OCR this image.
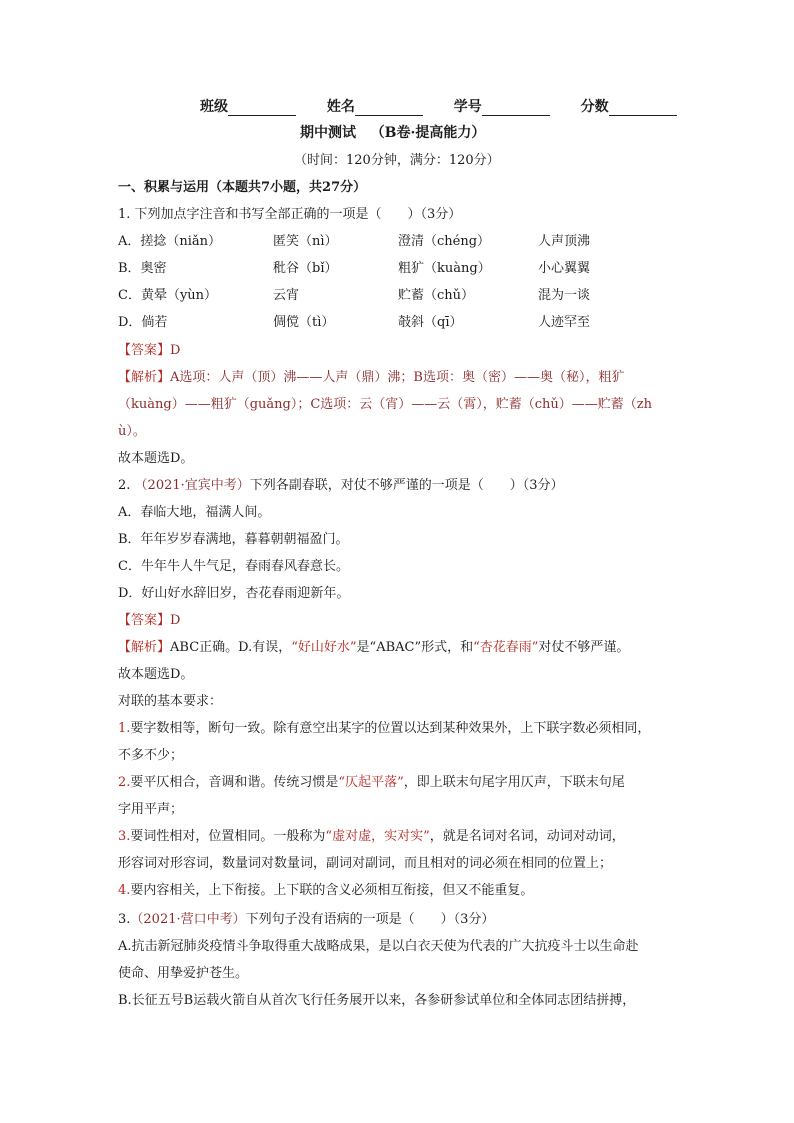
班级	姓名	学号	分数
期中测试 （B卷·提高能力）
（时间：120分钟，满分：120分）
一、积累与运用（本题共7小题，共27分）
1. 下列加点字注音和书写全部正确的一项是（　　）（3分）
A．搓捻（niǎn）	匿笑（nì）	澄清（chéng）	人声顶沸
B．奥密	秕谷（bǐ）	粗犷（kuàng）	小心翼翼
C．黄晕（yùn）	云宵	贮蓄（chǔ）	混为一谈
D．倘若	倜傥（tì）	攲斜（qī）	人迹罕至
【答案】D
【解析】A选项：人声（顶）沸——人声（鼎）沸；B选项：奥（密）——奥（秘），粗犷
（kuàng）——粗犷（guǎng）；C选项：云（宵）——云（霄），贮蓄（chǔ）——贮蓄（zh
ù）。
故本题选D。
2. （2021·宜宾中考）下列各副春联，对仗不够严谨的一项是（　　）（3分）
A．春临大地，福满人间。
B．年年岁岁春满地，暮暮朝朝福盈门。
C．牛年牛人牛气足，春雨春风春意长。
D．好山好水辞旧岁，杏花春雨迎新年。
【答案】D
【解析】ABC正确。D.有误，“好山好水”是“ABAC”形式，和“杏花春雨”对仗不够严谨。
故本题选D。
对联的基本要求：
1.要字数相等，断句一致。除有意空出某字的位置以达到某种效果外，上下联字数必须相同，
不多不少；
2.要平仄相合，音调和谐。传统习惯是“仄起平落”，即上联末句尾字用仄声，下联末句尾
字用平声；
3.要词性相对，位置相同。一般称为“虚对虚，实对实”，就是名词对名词，动词对动词，
形容词对形容词，数量词对数量词，副词对副词，而且相对的词必须在相同的位置上；
4.要内容相关，上下衔接。上下联的含义必须相互衔接，但又不能重复。
3.（2021·营口中考）下列句子没有语病的一项是（　　）（3分）
A.抗击新冠肺炎疫情斗争取得重大战略成果，是以白衣天使为代表的广大抗疫斗士以生命赴
使命、用挚爱护苍生。
B.长征五号B运载火箭自从首次飞行任务展开以来，各参研参试单位和全体同志团结拼搏，
